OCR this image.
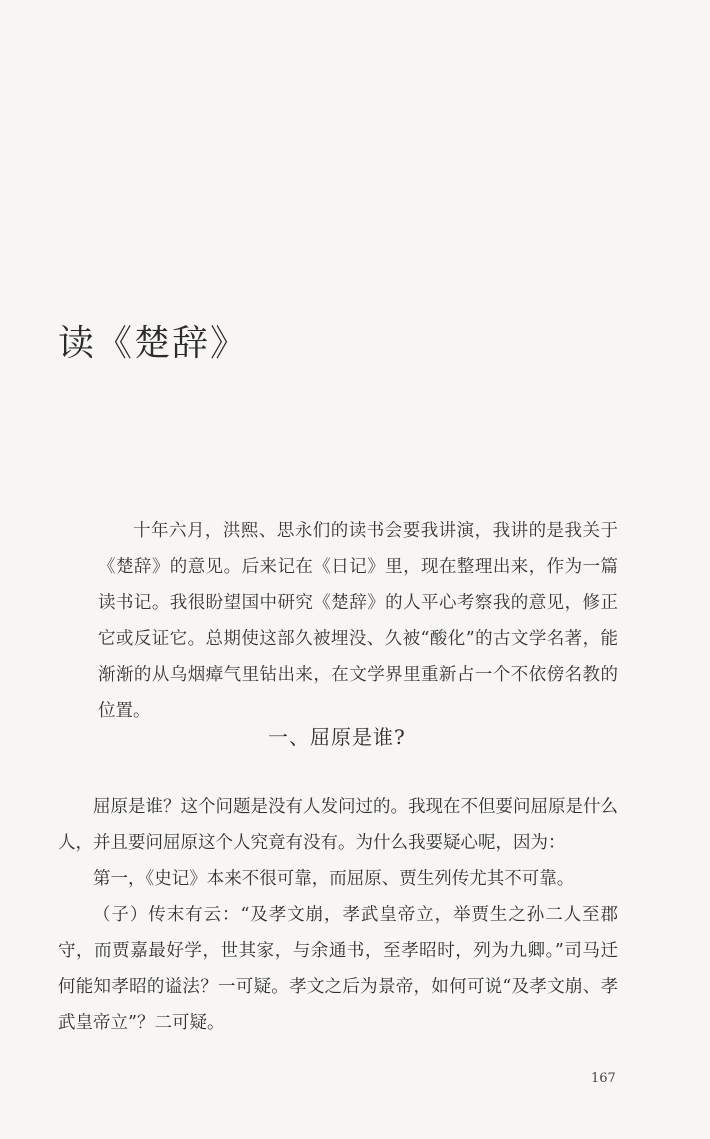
读《楚辞》

十年六月，洪熙、思永们的读书会要我讲演，我讲的是我关于《楚辞》的意见。后来记在《日记》里，现在整理出来，作为一篇读书记。我很盼望国中研究《楚辞》的人平心考察我的意见，修正它或反证它。总期使这部久被埋没、久被“酸化”的古文学名著，能渐渐的从乌烟瘴气里钻出来，在文学界里重新占一个不依傍名教的位置。

一、屈原是谁?

屈原是谁？这个问题是没有人发问过的。我现在不但要问屈原是什么人，并且要问屈原这个人究竟有没有。为什么我要疑心呢，因为：

第一，《史记》本来不很可靠，而屈原、贾生列传尤其不可靠。

（子）传末有云：“及孝文崩，孝武皇帝立，举贾生之孙二人至郡守，而贾嘉最好学，世其家，与余通书，至孝昭时，列为九卿。”司马迁何能知孝昭的谥法？一可疑。孝文之后为景帝，如何可说“及孝文崩、孝武皇帝立”？二可疑。

167
